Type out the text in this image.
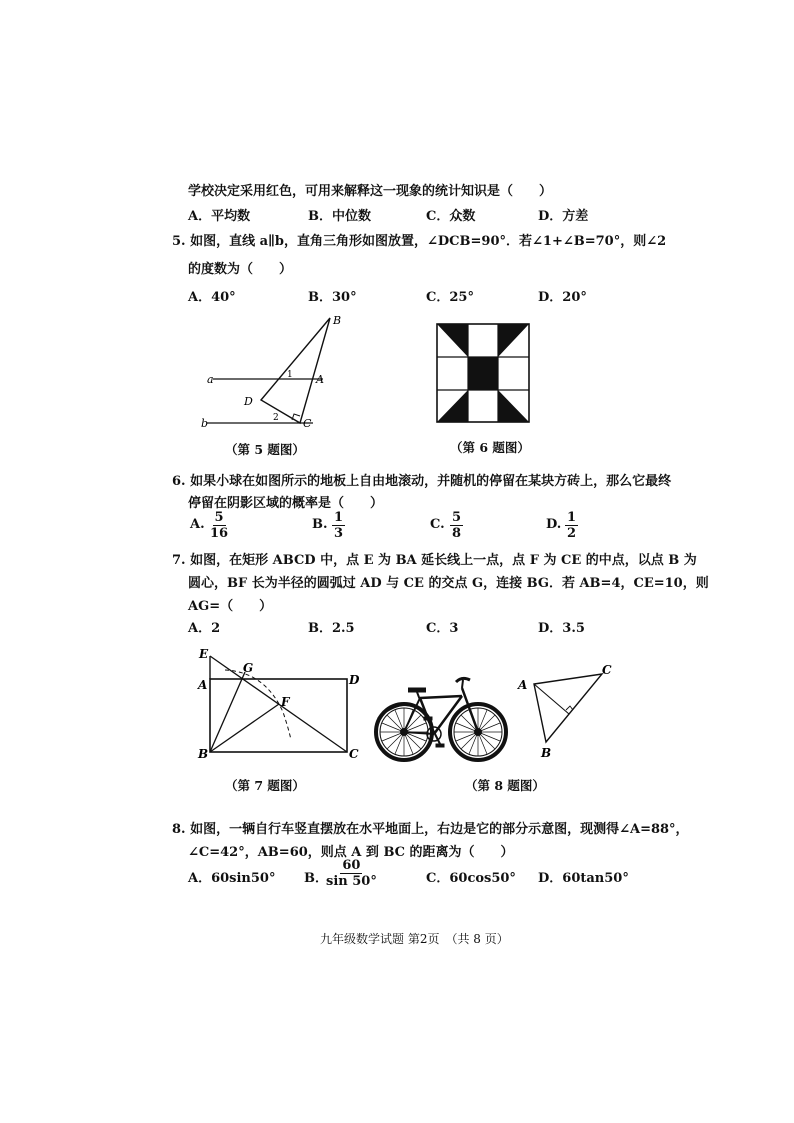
学校决定采用红色，可用来解释这一现象的统计知识是（　　）
A．平均数	B．中位数	C．众数	D．方差
5. 如图，直线 a∥b，直角三角形如图放置，∠DCB=90°．若∠1+∠B=70°，则∠2
的度数为（　　）
A．40°	B．30°	C．25°	D．20°
a
b
A
B
C
D
1
2
（第 5 题图）	（第 6 题图）
6. 如果小球在如图所示的地板上自由地滚动，并随机的停留在某块方砖上，那么它最终
停留在阴影区域的概率是（　　）
A. $\frac{5}{16}$	B. $\frac{1}{3}$	C. $\frac{5}{8}$	D. $\frac{1}{2}$
7. 如图，在矩形 ABCD 中，点 E 为 BA 延长线上一点，点 F 为 CE 的中点，以点 B 为
圆心，BF 长为半径的圆弧过 AD 与 CE 的交点 G，连接 BG．若 AB=4，CE=10，则
AG=（　　）
A．2	B．2.5	C．3	D．3.5
E
G
A	D
F
B	C
（第 7 题图）
A
B
C
（第 8 题图）
8. 如图，一辆自行车竖直摆放在水平地面上，右边是它的部分示意图，现测得∠A=88°，
∠C=42°，AB=60，则点 A 到 BC 的距离为（　　）
A．60sin50° B．
$\frac{60}{\sin 50^\circ}$	C．60cos50° D．60tan50°
九年级数学试题 第2页　（共 8 页）
